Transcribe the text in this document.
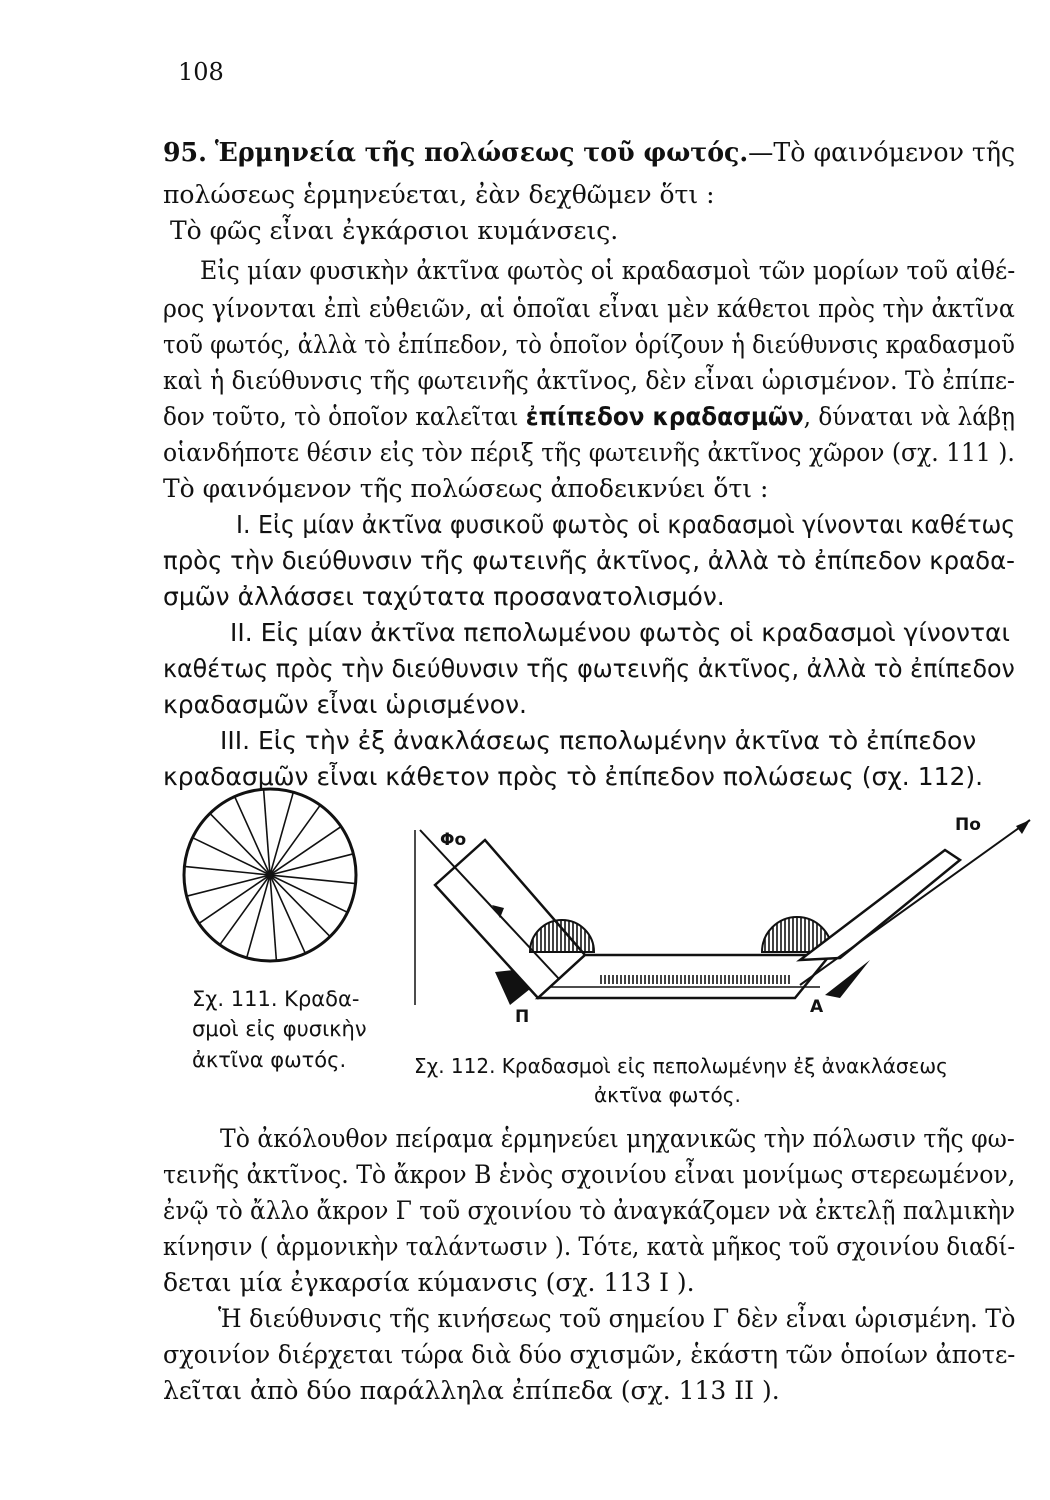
108
95. Ἑρμηνεία τῆς πολώσεως τοῦ φωτός.—Τὸ φαινόμενον τῆς
πολώσεως ἑρμηνεύεται, ἐὰν δεχθῶμεν ὅτι :
Τὸ φῶς εἶναι ἐγκάρσιοι κυμάνσεις.
Εἰς μίαν φυσικὴν ἀκτῖνα φωτὸς οἱ κραδασμοὶ τῶν μορίων τοῦ αἰθέ-
ρος γίνονται ἐπὶ εὐθειῶν, αἱ ὁποῖαι εἶναι μὲν κάθετοι πρὸς τὴν ἀκτῖνα
τοῦ φωτός, ἀλλὰ τὸ ἐπίπεδον, τὸ ὁποῖον ὁρίζουν ἡ διεύθυνσις κραδασμοῦ
καὶ ἡ διεύθυνσις τῆς φωτεινῆς ἀκτῖνος, δὲν εἶναι ὡρισμένον. Τὸ ἐπίπε-
δον τοῦτο, τὸ ὁποῖον καλεῖται ἐπίπεδον κραδασμῶν, δύναται νὰ λάβῃ
οἱανδήποτε θέσιν εἰς τὸν πέριξ τῆς φωτεινῆς ἀκτῖνος χῶρον (σχ. 111 ).
Τὸ φαινόμενον τῆς πολώσεως ἀποδεικνύει ὅτι :
I. Εἰς μίαν ἀκτῖνα φυσικοῦ φωτὸς οἱ κραδασμοὶ γίνονται καθέτως
πρὸς τὴν διεύθυνσιν τῆς φωτεινῆς ἀκτῖνος, ἀλλὰ τὸ ἐπίπεδον κραδα-
σμῶν ἀλλάσσει ταχύτατα προσανατολισμόν.
II. Εἰς μίαν ἀκτῖνα πεπολωμένου φωτὸς οἱ κραδασμοὶ γίνονται
καθέτως πρὸς τὴν διεύθυνσιν τῆς φωτεινῆς ἀκτῖνος, ἀλλὰ τὸ ἐπίπεδον
κραδασμῶν εἶναι ὡρισμένον.
III. Εἰς τὴν ἐξ ἀνακλάσεως πεπολωμένην ἀκτῖνα τὸ ἐπίπεδον
κραδασμῶν εἶναι κάθετον πρὸς τὸ ἐπίπεδον πολώσεως (σχ. 112).
Σχ. 111. Κραδα-
σμοὶ εἰς φυσικὴν
ἀκτῖνα φωτός.
Φο
Πο
Π	Α
Σχ. 112. Κραδασμοὶ εἰς πεπολωμένην ἐξ ἀνακλάσεως
ἀκτῖνα φωτός.
Τὸ ἀκόλουθον πείραμα ἑρμηνεύει μηχανικῶς τὴν πόλωσιν τῆς φω-
τεινῆς ἀκτῖνος. Τὸ ἄκρον Β ἑνὸς σχοινίου εἶναι μονίμως στερεωμένον,
ἐνῷ τὸ ἄλλο ἄκρον Γ τοῦ σχοινίου τὸ ἀναγκάζομεν νὰ ἐκτελῇ παλμικὴν
κίνησιν ( ἁρμονικὴν ταλάντωσιν ). Τότε, κατὰ μῆκος τοῦ σχοινίου διαδί-
δεται μία ἐγκαρσία κύμανσις (σχ. 113 I ).
Ἡ διεύθυνσις τῆς κινήσεως τοῦ σημείου Γ δὲν εἶναι ὡρισμένη. Τὸ
σχοινίον διέρχεται τώρα διὰ δύο σχισμῶν, ἑκάστη τῶν ὁποίων ἀποτε-
λεῖται ἀπὸ δύο παράλληλα ἐπίπεδα (σχ. 113 II ).
